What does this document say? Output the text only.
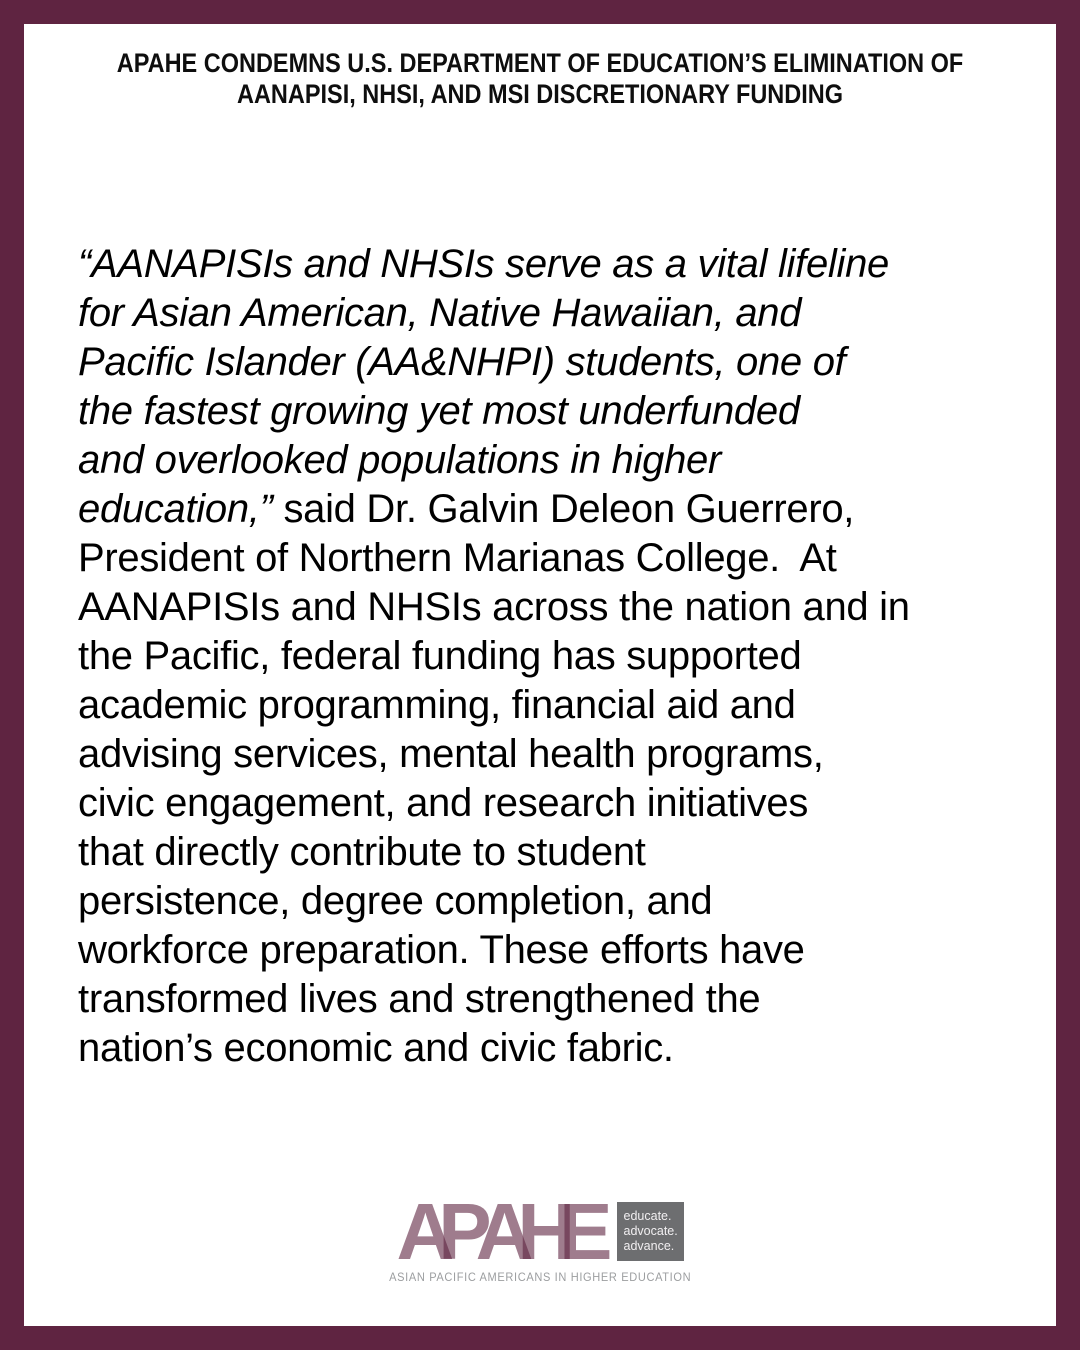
APAHE CONDEMNS U.S. DEPARTMENT OF EDUCATION’S ELIMINATION OF
AANAPISI, NHSI, AND MSI DISCRETIONARY FUNDING
“AANAPISIs and NHSIs serve as a vital lifeline
for Asian American, Native Hawaiian, and
Pacific Islander (AA&NHPI) students, one of
the fastest growing yet most underfunded
and overlooked populations in higher
education,” said Dr. Galvin Deleon Guerrero,
President of Northern Marianas College.  At
AANAPISIs and NHSIs across the nation and in
the Pacific, federal funding has supported
academic programming, financial aid and
advising services, mental health programs,
civic engagement, and research initiatives
that directly contribute to student
persistence, degree completion, and
workforce preparation. These efforts have
transformed lives and strengthened the
nation’s economic and civic fabric.
A
P
A
H
E educate.
advocate.
advance.
ASIAN PACIFIC AMERICANS IN HIGHER EDUCATION
